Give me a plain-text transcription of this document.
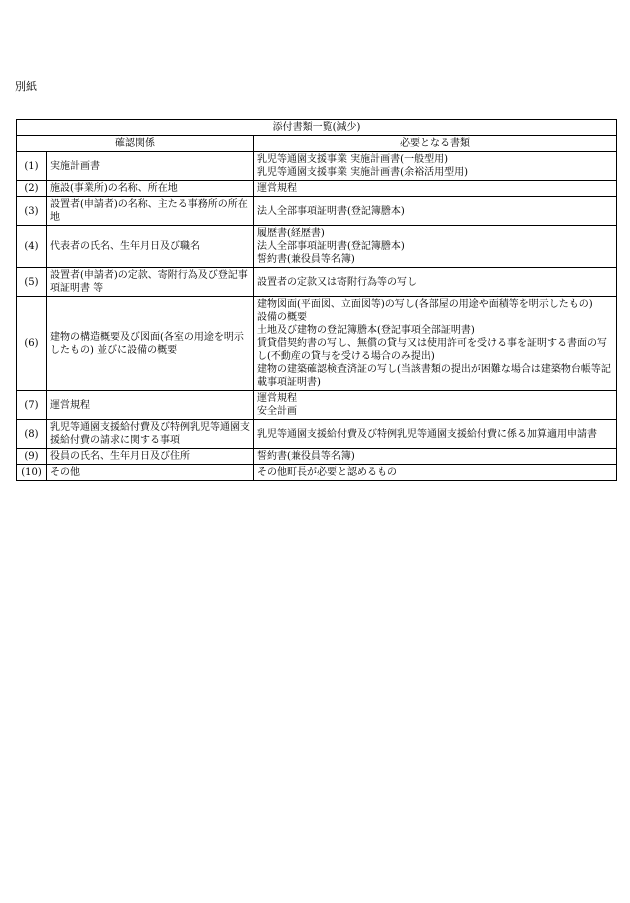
別紙
添付書類一覧(減少)		
確認関係		必要となる書類
(1)	実施計画書	乳児等通園支援事業 実施計画書(一般型用)
乳児等通園支援事業 実施計画書(余裕活用型用)

(2)	施設(事業所)の名称、所在地	運営規程

(3)	設置者(申請者)の名称、主たる事務所の所在地	法人全部事項証明書(登記簿謄本)

(4)	代表者の氏名、生年月日及び職名	履歴書(経歴書)
法人全部事項証明書(登記簿謄本)
誓約書(兼役員等名簿)

(5)	設置者(申請者)の定款、寄附行為及び登記事項証明書 等	設置者の定款又は寄附行為等の写し

(6)	建物の構造概要及び図面(各室の用途を明示したもの) 並びに設備の概要	建物図面(平面図、立面図等)の写し(各部屋の用途や面積等を明示したもの)
設備の概要
土地及び建物の登記簿謄本(登記事項全部証明書)
賃貸借契約書の写し、無償の貸与又は使用許可を受ける事を証明する書面の写し(不動産の貸与を受ける場合のみ提出)
建物の建築確認検査済証の写し(当該書類の提出が困難な場合は建築物台帳等記載事項証明書)

(7)	運営規程	運営規程
安全計画

(8)	乳児等通園支援給付費及び特例乳児等通園支援給付費の請求に関する事項	乳児等通園支援給付費及び特例乳児等通園支援給付費に係る加算適用申請書

(9)	役員の氏名、生年月日及び住所	誓約書(兼役員等名簿)

(10)	その他	その他町長が必要と認めるもの
